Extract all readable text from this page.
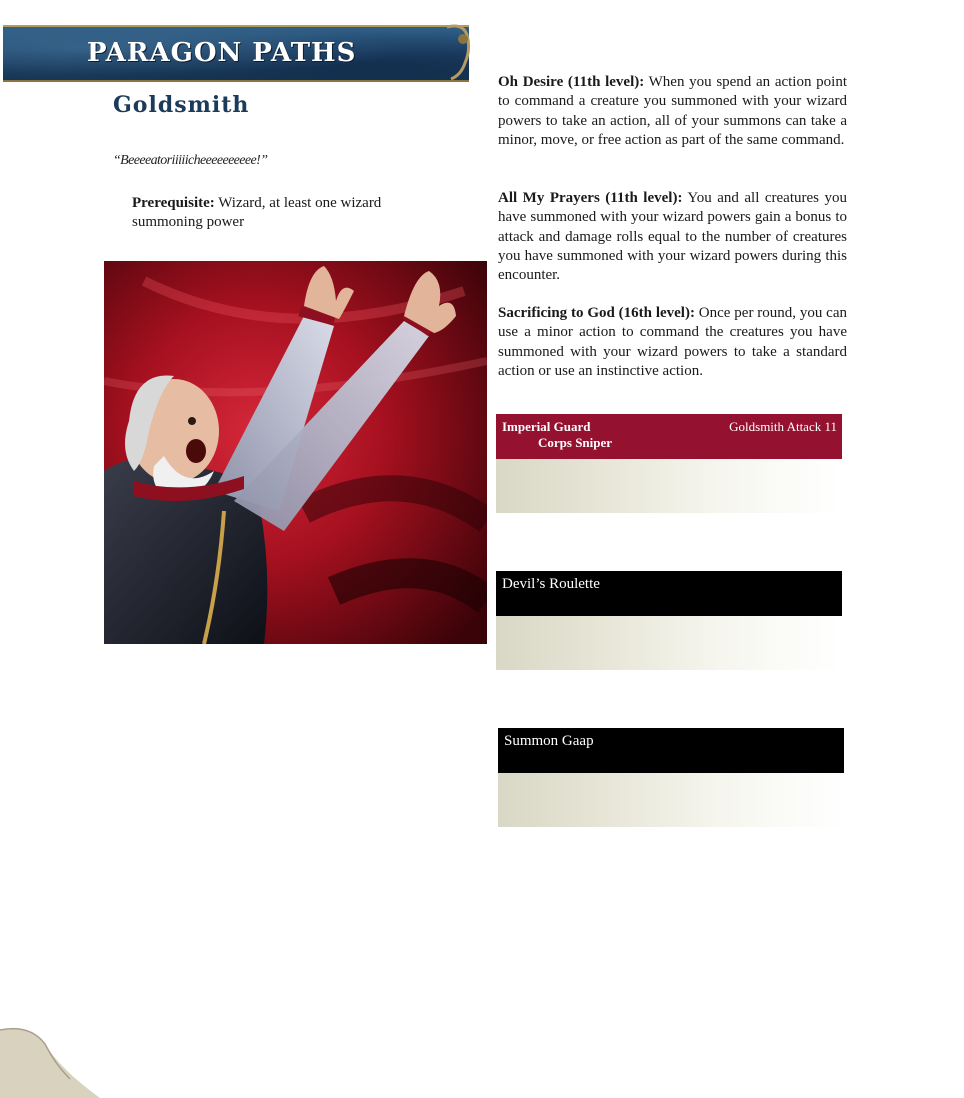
PARAGON PATHS
Goldsmith
“Beeeeatoriiiiicheeeeeeeeee!”
Prerequisite: Wizard, at least one wizard summoning power
Oh Desire (11th level): When you spend an action point to command a creature you summoned with your wizard powers to take an action, all of your summons can take a minor, move, or free action as part of the same command.
All My Prayers (11th level): You and all creatures you have summoned with your wizard powers gain a bonus to attack and damage rolls equal to the number of creatures you have summoned with your wizard powers during this encounter.
Sacrificing to God (16th level): Once per round, you can use a minor action to command the creatures you have summoned with your wizard powers to take a standard action or use an instinctive action.
Imperial Guard
Corps Sniper
Goldsmith Attack 11
Devil’s Roulette
Summon Gaap
